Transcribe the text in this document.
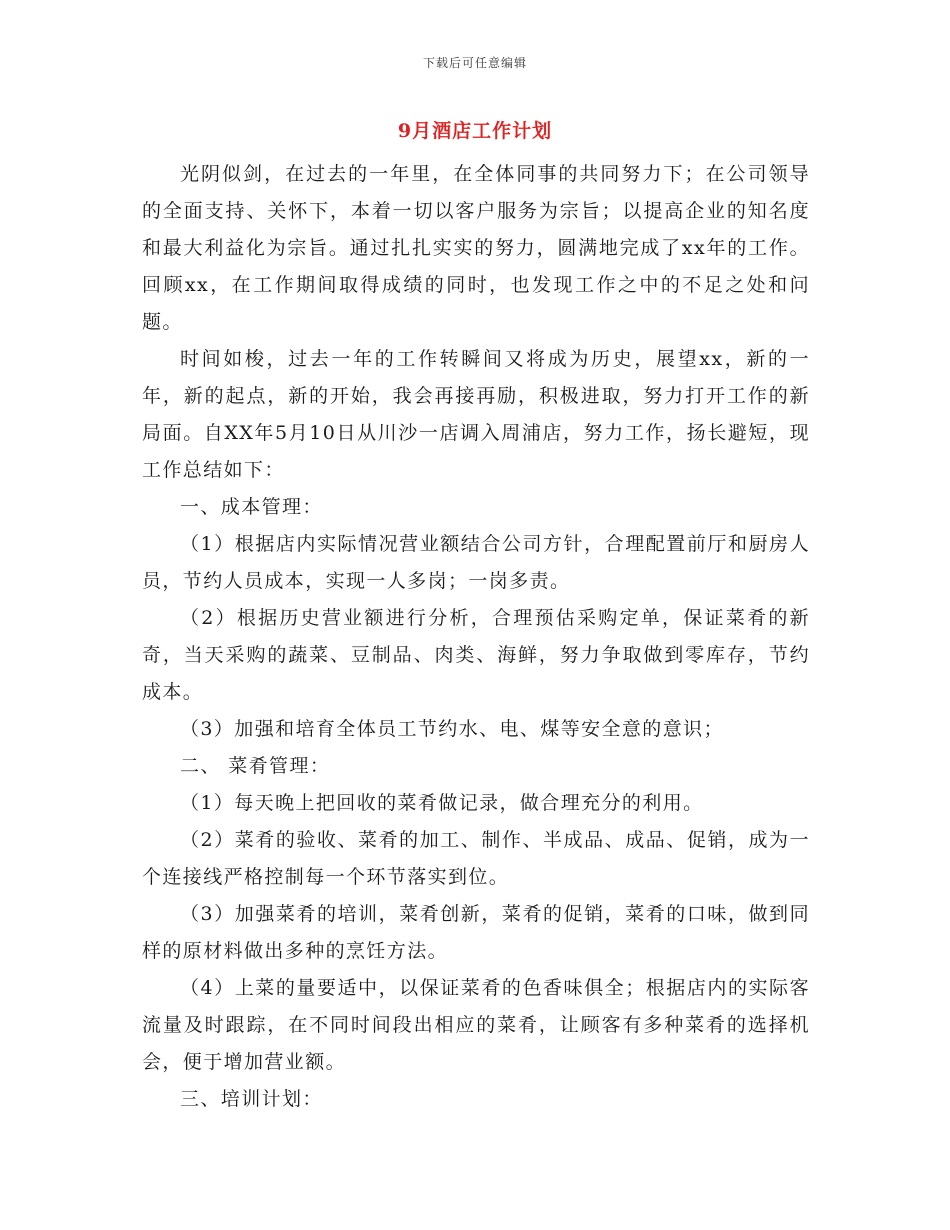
下载后可任意编辑
9月酒店工作计划

光阴似剑，在过去的一年里，在全体同事的共同努力下；在公司领导的全面支持、关怀下，本着一切以客户服务为宗旨；以提高企业的知名度和最大利益化为宗旨。通过扎扎实实的努力，圆满地完成了xx年的工作。回顾xx，在工作期间取得成绩的同时，也发现工作之中的不足之处和问题。

时间如梭，过去一年的工作转瞬间又将成为历史，展望xx，新的一年，新的起点，新的开始，我会再接再励，积极进取，努力打开工作的新局面。自XX年5月10日从川沙一店调入周浦店，努力工作，扬长避短，现工作总结如下：

一、成本管理：

（1）根据店内实际情况营业额结合公司方针，合理配置前厅和厨房人员，节约人员成本，实现一人多岗；一岗多责。

（2）根据历史营业额进行分析，合理预估采购定单，保证菜肴的新奇，当天采购的蔬菜、豆制品、肉类、海鲜，努力争取做到零库存，节约成本。

（3）加强和培育全体员工节约水、电、煤等安全意的意识；

二、 菜肴管理：

（1）每天晚上把回收的菜肴做记录，做合理充分的利用。

（2）菜肴的验收、菜肴的加工、制作、半成品、成品、促销，成为一个连接线严格控制每一个环节落实到位。

（3）加强菜肴的培训，菜肴创新，菜肴的促销，菜肴的口味，做到同样的原材料做出多种的烹饪方法。

（4）上菜的量要适中，以保证菜肴的色香味俱全；根据店内的实际客流量及时跟踪，在不同时间段出相应的菜肴，让顾客有多种菜肴的选择机会，便于增加营业额。

三、培训计划：
